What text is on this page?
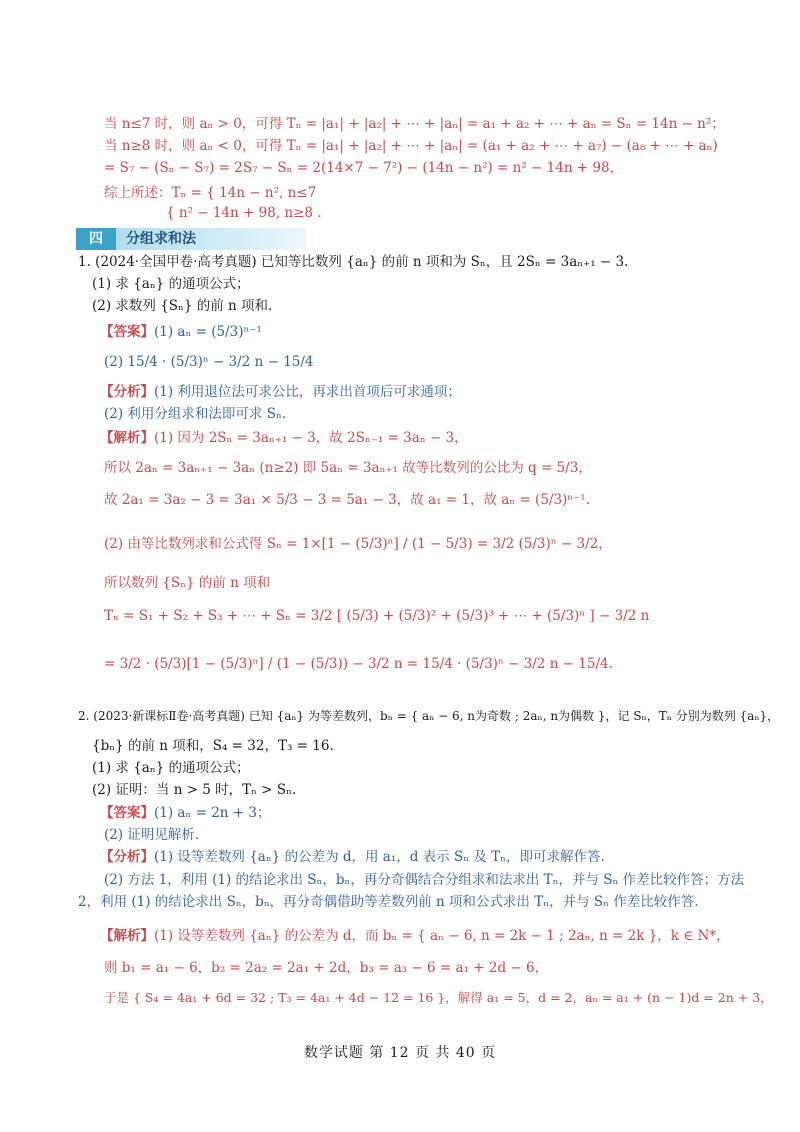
当 n≤7 时，则 aₙ > 0，可得 Tₙ = |a₁| + |a₂| + ⋯ + |aₙ| = a₁ + a₂ + ⋯ + aₙ = Sₙ = 14n − n²；
当 n≥8 时，则 aₙ < 0，可得 Tₙ = |a₁| + |a₂| + ⋯ + |aₙ| = (a₁ + a₂ + ⋯ + a₇) − (a₈ + ⋯ + aₙ)
= S₇ − (Sₙ − S₇) = 2S₇ − Sₙ = 2(14×7 − 7²) − (14n − n²) = n² − 14n + 98，
综上所述：Tₙ = { 14n − n², n≤7
{ n² − 14n + 98, n≥8 .
四	分组求和法
1. (2024·全国甲卷·高考真题) 已知等比数列 {aₙ} 的前 n 项和为 Sₙ，且 2Sₙ = 3aₙ₊₁ − 3.
(1) 求 {aₙ} 的通项公式；
(2) 求数列 {Sₙ} 的前 n 项和.
【答案】(1) aₙ = (5/3)ⁿ⁻¹
(2) 15/4 · (5/3)ⁿ − 3/2 n − 15/4
【分析】(1) 利用退位法可求公比，再求出首项后可求通项；
(2) 利用分组求和法即可求 Sₙ.
【解析】(1) 因为 2Sₙ = 3aₙ₊₁ − 3，故 2Sₙ₋₁ = 3aₙ − 3，
所以 2aₙ = 3aₙ₊₁ − 3aₙ (n≥2) 即 5aₙ = 3aₙ₊₁ 故等比数列的公比为 q = 5/3，
故 2a₁ = 3a₂ − 3 = 3a₁ × 5/3 − 3 = 5a₁ − 3，故 a₁ = 1，故 aₙ = (5/3)ⁿ⁻¹.
(2) 由等比数列求和公式得 Sₙ = 1×[1 − (5/3)ⁿ] / (1 − 5/3) = 3/2 (5/3)ⁿ − 3/2，
所以数列 {Sₙ} 的前 n 项和
Tₙ = S₁ + S₂ + S₃ + ⋯ + Sₙ = 3/2 [ (5/3) + (5/3)² + (5/3)³ + ⋯ + (5/3)ⁿ ] − 3/2 n
= 3/2 · (5/3)[1 − (5/3)ⁿ] / (1 − (5/3)) − 3/2 n = 15/4 · (5/3)ⁿ − 3/2 n − 15/4.
2. (2023·新课标Ⅱ卷·高考真题) 已知 {aₙ} 为等差数列，bₙ = { aₙ − 6, n为奇数 ; 2aₙ, n为偶数 }，记 Sₙ，Tₙ 分别为数列 {aₙ}，
{bₙ} 的前 n 项和，S₄ = 32，T₃ = 16.
(1) 求 {aₙ} 的通项公式；
(2) 证明：当 n > 5 时，Tₙ > Sₙ.
【答案】(1) aₙ = 2n + 3；
(2) 证明见解析.
【分析】(1) 设等差数列 {aₙ} 的公差为 d，用 a₁，d 表示 Sₙ 及 Tₙ，即可求解作答.
(2) 方法 1，利用 (1) 的结论求出 Sₙ，bₙ，再分奇偶结合分组求和法求出 Tₙ，并与 Sₙ 作差比较作答；方法
2，利用 (1) 的结论求出 Sₙ，bₙ，再分奇偶借助等差数列前 n 项和公式求出 Tₙ，并与 Sₙ 作差比较作答.
【解析】(1) 设等差数列 {aₙ} 的公差为 d，而 bₙ = { aₙ − 6, n = 2k − 1 ; 2aₙ, n = 2k }，k ∈ N*，
则 b₁ = a₁ − 6，b₂ = 2a₂ = 2a₁ + 2d，b₃ = a₃ − 6 = a₁ + 2d − 6，
于是 { S₄ = 4a₁ + 6d = 32 ; T₃ = 4a₁ + 4d − 12 = 16 }，解得 a₁ = 5，d = 2，aₙ = a₁ + (n − 1)d = 2n + 3，
数学试题 第 12 页 共 40 页
